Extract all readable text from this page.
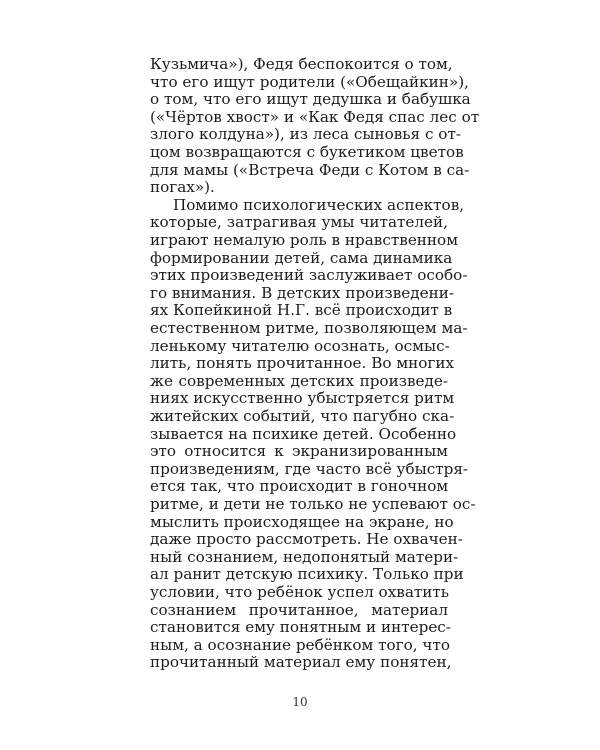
Кузьмича»), Федя беспокоится о том,
что его ищут родители («Обещайкин»),
о том, что его ищут дедушка и бабушка
(«Чёртов хвост» и «Как Федя спас лес от
злого колдуна»), из леса сыновья с от-
цом возвращаются с букетиком цветов
для мамы («Встреча Феди с Котом в са-
погах»).
Помимо психологических аспектов,
которые, затрагивая умы читателей,
играют немалую роль в нравственном
формировании детей, сама динамика
этих произведений заслуживает особо-
го внимания. В детских произведени-
ях Копейкиной Н.Г. всё происходит в
естественном ритме, позволяющем ма-
ленькому читателю осознать, осмыс-
лить, понять прочитанное. Во многих
же современных детских произведе-
ниях искусственно убыстряется ритм
житейских событий, что пагубно ска-
зывается на психике детей. Особенно
это относится к экранизированным
произведениям, где часто всё убыстря-
ется так, что происходит в гоночном
ритме, и дети не только не успевают ос-
мыслить происходящее на экране, но
даже просто рассмотреть. Не охвачен-
ный сознанием, недопонятый матери-
ал ранит детскую психику. Только при
условии, что ребёнок успел охватить
сознанием прочитанное, материал
становится ему понятным и интерес-
ным, а осознание ребёнком того, что
прочитанный материал ему понятен,
10
